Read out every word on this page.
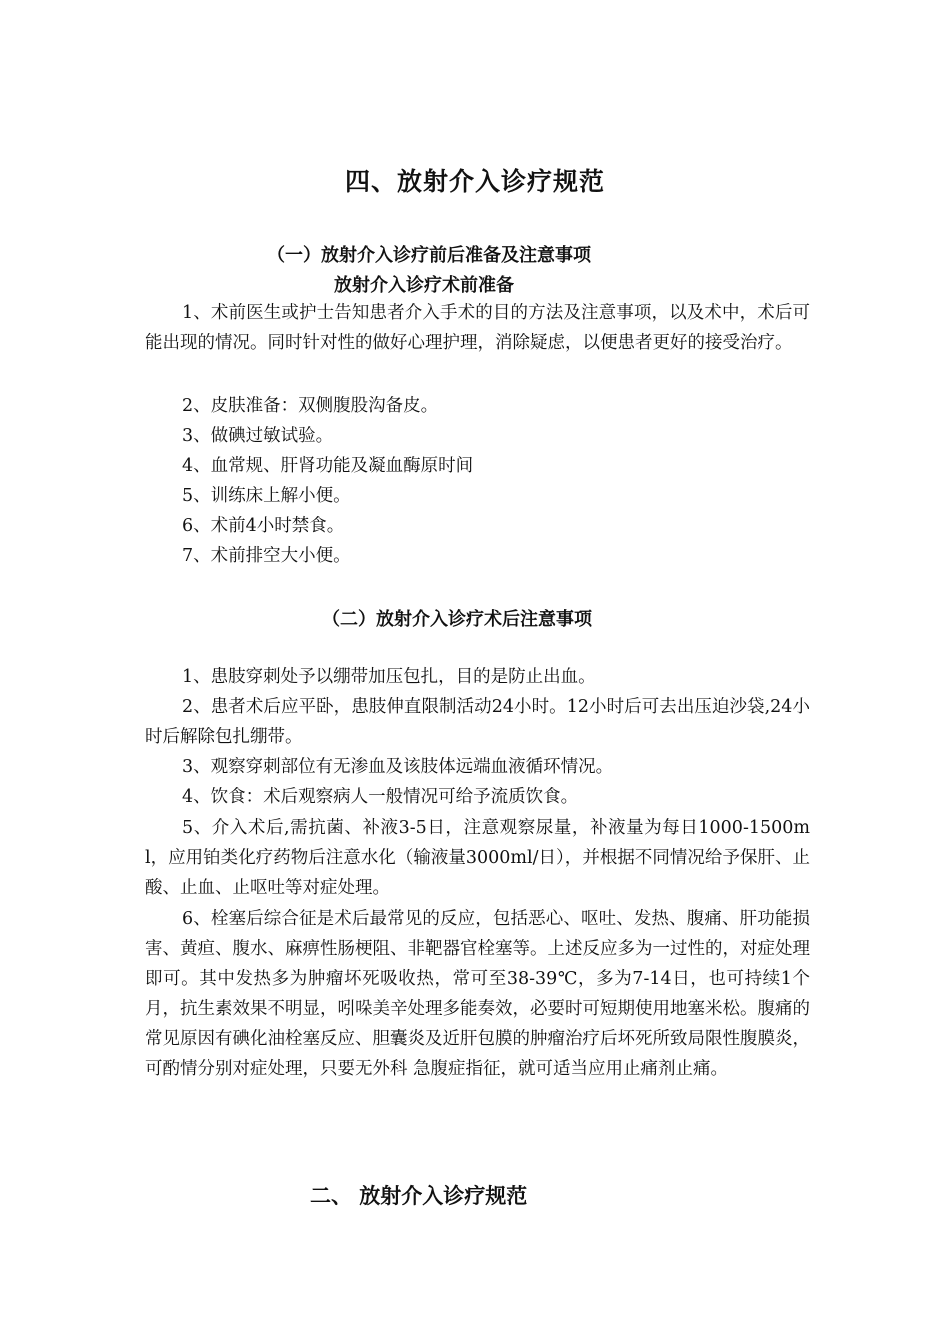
四、放射介入诊疗规范
（一）放射介入诊疗前后准备及注意事项
放射介入诊疗术前准备
1、术前医生或护士告知患者介入手术的目的方法及注意事项，以及术中，术后可能出现的情况。同时针对性的做好心理护理，消除疑虑，以便患者更好的接受治疗。
2、皮肤准备：双侧腹股沟备皮。
3、做碘过敏试验。
4、血常规、肝肾功能及凝血酶原时间
5、训练床上解小便。
6、术前4小时禁食。
7、术前排空大小便。
（二）放射介入诊疗术后注意事项
1、患肢穿刺处予以绷带加压包扎，目的是防止出血。
2、患者术后应平卧，患肢伸直限制活动24小时。12小时后可去出压迫沙袋,24小时后解除包扎绷带。
3、观察穿刺部位有无渗血及该肢体远端血液循环情况。
4、饮食：术后观察病人一般情况可给予流质饮食。
5、介入术后,需抗菌、补液3-5日，注意观察尿量，补液量为每日1000-1500ml，应用铂类化疗药物后注意水化（输液量3000ml/日），并根据不同情况给予保肝、止酸、止血、止呕吐等对症处理。
6、栓塞后综合征是术后最常见的反应，包括恶心、呕吐、发热、腹痛、肝功能损害、黄疸、腹水、麻痹性肠梗阻、非靶器官栓塞等。上述反应多为一过性的，对症处理即可。其中发热多为肿瘤坏死吸收热，常可至38-39℃，多为7-14日，也可持续1个月，抗生素效果不明显，吲哚美辛处理多能奏效，必要时可短期使用地塞米松。腹痛的常见原因有碘化油栓塞反应、胆囊炎及近肝包膜的肿瘤治疗后坏死所致局限性腹膜炎，可酌情分别对症处理，只要无外科 急腹症指征，就可适当应用止痛剂止痛。
二、 放射介入诊疗规范
